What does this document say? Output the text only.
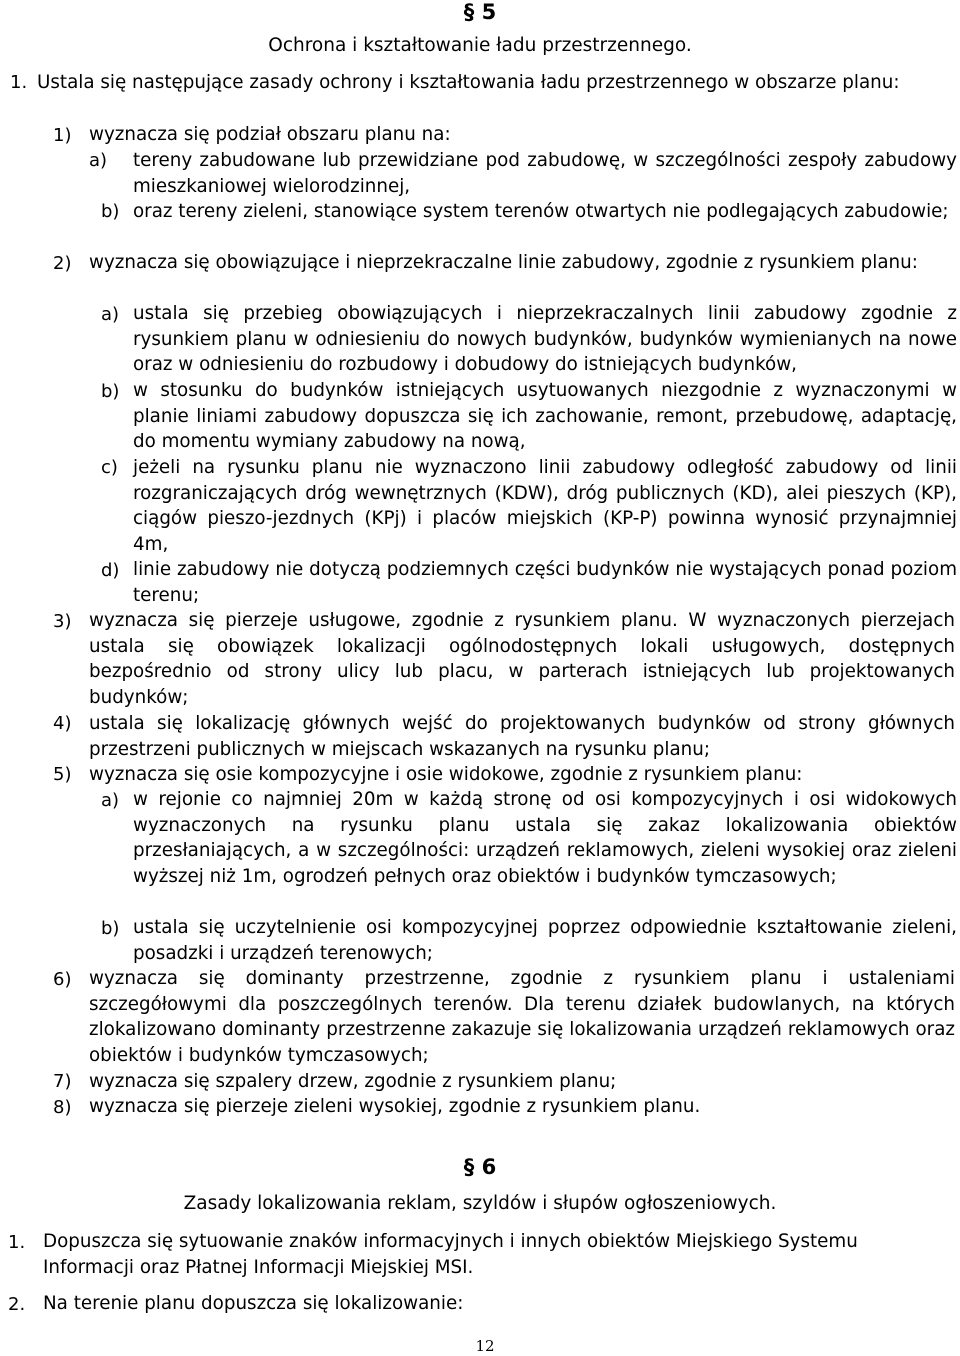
§ 5
Ochrona i kształtowanie ładu przestrzennego.
1. Ustala się następujące zasady ochrony i kształtowania ładu przestrzennego w obszarze planu:
1) wyznacza się podział obszaru planu na:
a) tereny zabudowane lub przewidziane pod zabudowę, w szczególności zespoły zabudowy mieszkaniowej wielorodzinnej,
b) oraz tereny zieleni, stanowiące system terenów otwartych nie podlegających zabudowie;
2) wyznacza się obowiązujące i nieprzekraczalne linie zabudowy, zgodnie z rysunkiem planu:
a) ustala się przebieg obowiązujących i nieprzekraczalnych linii zabudowy zgodnie z rysunkiem planu w odniesieniu do nowych budynków, budynków wymienianych na nowe oraz w odniesieniu do rozbudowy i dobudowy do istniejących budynków,
b) w stosunku do budynków istniejących usytuowanych niezgodnie z wyznaczonymi w planie liniami zabudowy dopuszcza się ich zachowanie, remont, przebudowę, adaptację, do momentu wymiany zabudowy na nową,
c) jeżeli na rysunku planu nie wyznaczono linii zabudowy odległość zabudowy od linii rozgraniczających dróg wewnętrznych (KDW), dróg publicznych (KD), alei pieszych (KP), ciągów pieszo-jezdnych (KPj) i placów miejskich (KP-P) powinna wynosić przynajmniej 4m,
d) linie zabudowy nie dotyczą podziemnych części budynków nie wystających ponad poziom terenu;
3) wyznacza się pierzeje usługowe, zgodnie z rysunkiem planu. W wyznaczonych pierzejach ustala się obowiązek lokalizacji ogólnodostępnych lokali usługowych, dostępnych bezpośrednio od strony ulicy lub placu, w parterach istniejących lub projektowanych budynków;
4) ustala się lokalizację głównych wejść do projektowanych budynków od strony głównych przestrzeni publicznych w miejscach wskazanych na rysunku planu;
5) wyznacza się osie kompozycyjne i osie widokowe, zgodnie z rysunkiem planu:
a) w rejonie co najmniej 20m w każdą stronę od osi kompozycyjnych i osi widokowych wyznaczonych na rysunku planu ustala się zakaz lokalizowania obiektów przesłaniających, a w szczególności: urządzeń reklamowych, zieleni wysokiej oraz zieleni wyższej niż 1m, ogrodzeń pełnych oraz obiektów i budynków tymczasowych;
b) ustala się uczytelnienie osi kompozycyjnej poprzez odpowiednie kształtowanie zieleni, posadzki i urządzeń terenowych;
6) wyznacza się dominanty przestrzenne, zgodnie z rysunkiem planu i ustaleniami szczegółowymi dla poszczególnych terenów. Dla terenu działek budowlanych, na których zlokalizowano dominanty przestrzenne zakazuje się lokalizowania urządzeń reklamowych oraz obiektów i budynków tymczasowych;
7) wyznacza się szpalery drzew, zgodnie z rysunkiem planu;
8) wyznacza się pierzeje zieleni wysokiej, zgodnie z rysunkiem planu.
§ 6
Zasady lokalizowania reklam, szyldów i słupów ogłoszeniowych.
1. Dopuszcza się sytuowanie znaków informacyjnych i innych obiektów Miejskiego Systemu Informacji oraz Płatnej Informacji Miejskiej MSI.
2. Na terenie planu dopuszcza się lokalizowanie:
12
